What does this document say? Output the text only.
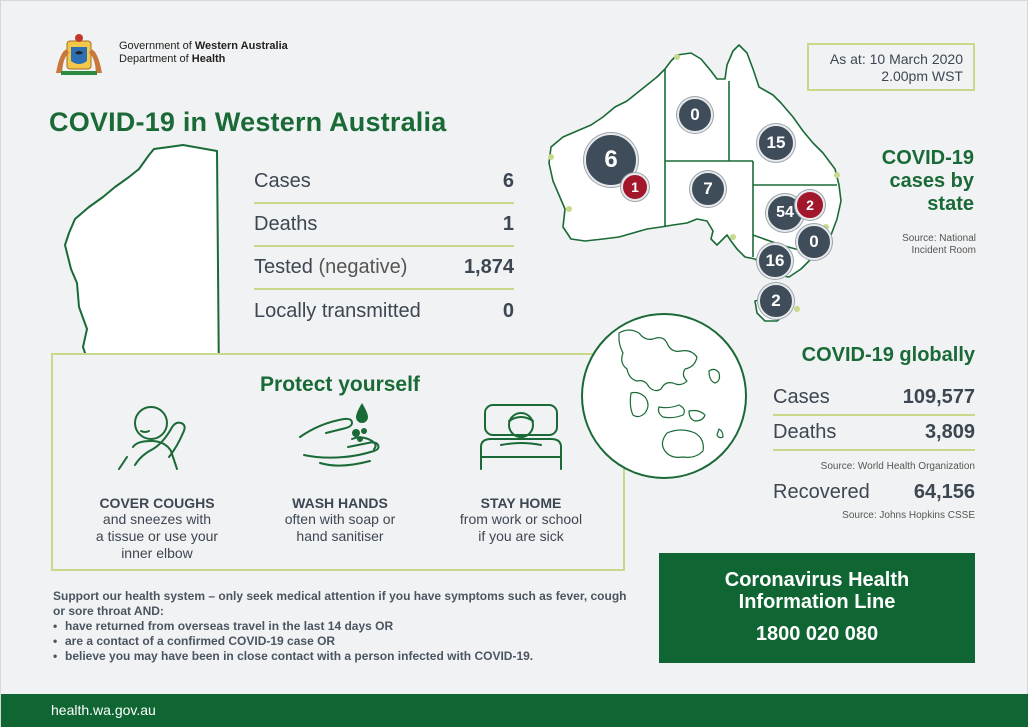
Government of Western Australia
Department of Health
COVID-19 in Western Australia
Cases	6
Deaths	1
Tested (negative)	1,874
Locally transmitted	0
Protect yourself
COVER COUGHS
and sneezes with
a tissue or use your
inner elbow
WASH HANDS
often with soap or
hand sanitiser
STAY HOME
from work or school
if you are sick
Support our health system – only seek medical attention if you have symptoms such as fever, cough or sore throat AND:
• have returned from overseas travel in the last 14 days OR
• are a contact of a confirmed COVID-19 case OR
• believe you may have been in close contact with a person infected with COVID-19.
As at: 10 March 2020
2.00pm WST
6
1
0
15
7
54 2
0
16
2
COVID-19
cases by
state
Source: National
Incident Room
COVID-19 globally
Cases	109,577
Deaths	3,809
Source: World Health Organization
Recovered 64,156
Source: Johns Hopkins CSSE
Coronavirus Health
Information Line
1800 020 080
health.wa.gov.au
